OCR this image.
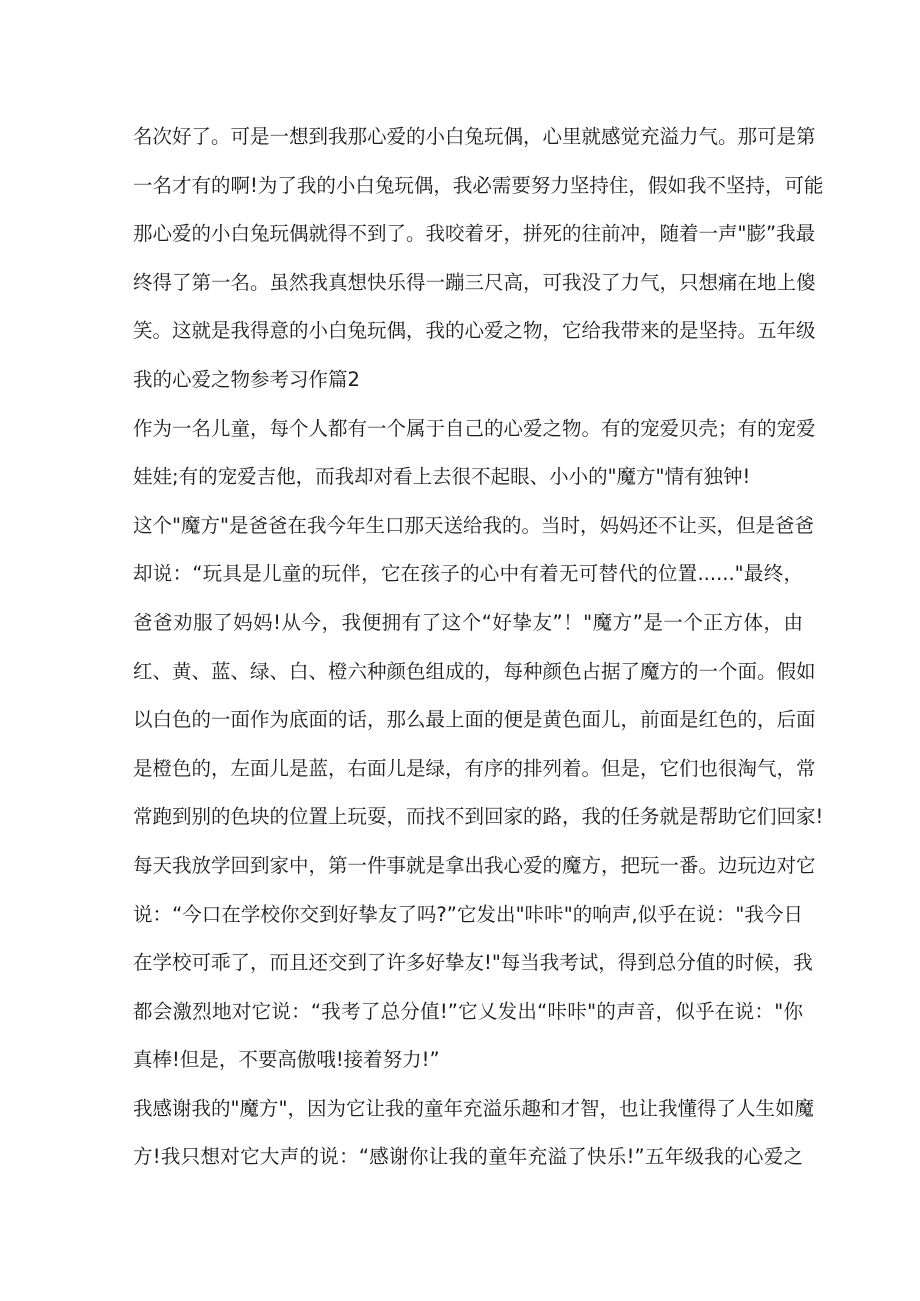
名次好了。可是一想到我那心爱的小白兔玩偶，心里就感觉充溢力气。那可是第
一名才有的啊!为了我的小白兔玩偶，我必需要努力坚持住，假如我不坚持，可能
那心爱的小白兔玩偶就得不到了。我咬着牙，拼死的往前冲，随着一声"膨”我最
终得了第一名。虽然我真想快乐得一蹦三尺高，可我没了力气，只想痛在地上傻
笑。这就是我得意的小白兔玩偶，我的心爱之物，它给我带来的是坚持。五年级
我的心爱之物参考习作篇2
作为一名儿童，每个人都有一个属于自己的心爱之物。有的宠爱贝壳；有的宠爱
娃娃;有的宠爱吉他，而我却对看上去很不起眼、小小的"魔方"情有独钟!
这个"魔方"是爸爸在我今年生口那天送给我的。当时，妈妈还不让买，但是爸爸
却说：“玩具是儿童的玩伴，它在孩子的心中有着无可替代的位置......"最终，
爸爸劝服了妈妈!从今，我便拥有了这个“好挚友”！"魔方”是一个正方体，由
红、黄、蓝、绿、白、橙六种颜色组成的，每种颜色占据了魔方的一个面。假如
以白色的一面作为底面的话，那么最上面的便是黄色面儿，前面是红色的，后面
是橙色的，左面儿是蓝，右面儿是绿，有序的排列着。但是，它们也很淘气，常
常跑到别的色块的位置上玩耍，而找不到回家的路，我的任务就是帮助它们回家!
每天我放学回到家中，第一件事就是拿出我心爱的魔方，把玩一番。边玩边对它
说：“今口在学校你交到好挚友了吗?”它发出"咔咔"的响声,似乎在说："我今日
在学校可乖了，而且还交到了许多好挚友!"每当我考试，得到总分值的时候，我
都会激烈地对它说：“我考了总分值!”它乂发出“咔咔"的声音，似乎在说："你
真棒!但是，不要高傲哦!接着努力!”
我感谢我的"魔方"，因为它让我的童年充溢乐趣和才智，也让我懂得了人生如魔
方!我只想对它大声的说：“感谢你让我的童年充溢了快乐!”五年级我的心爱之
